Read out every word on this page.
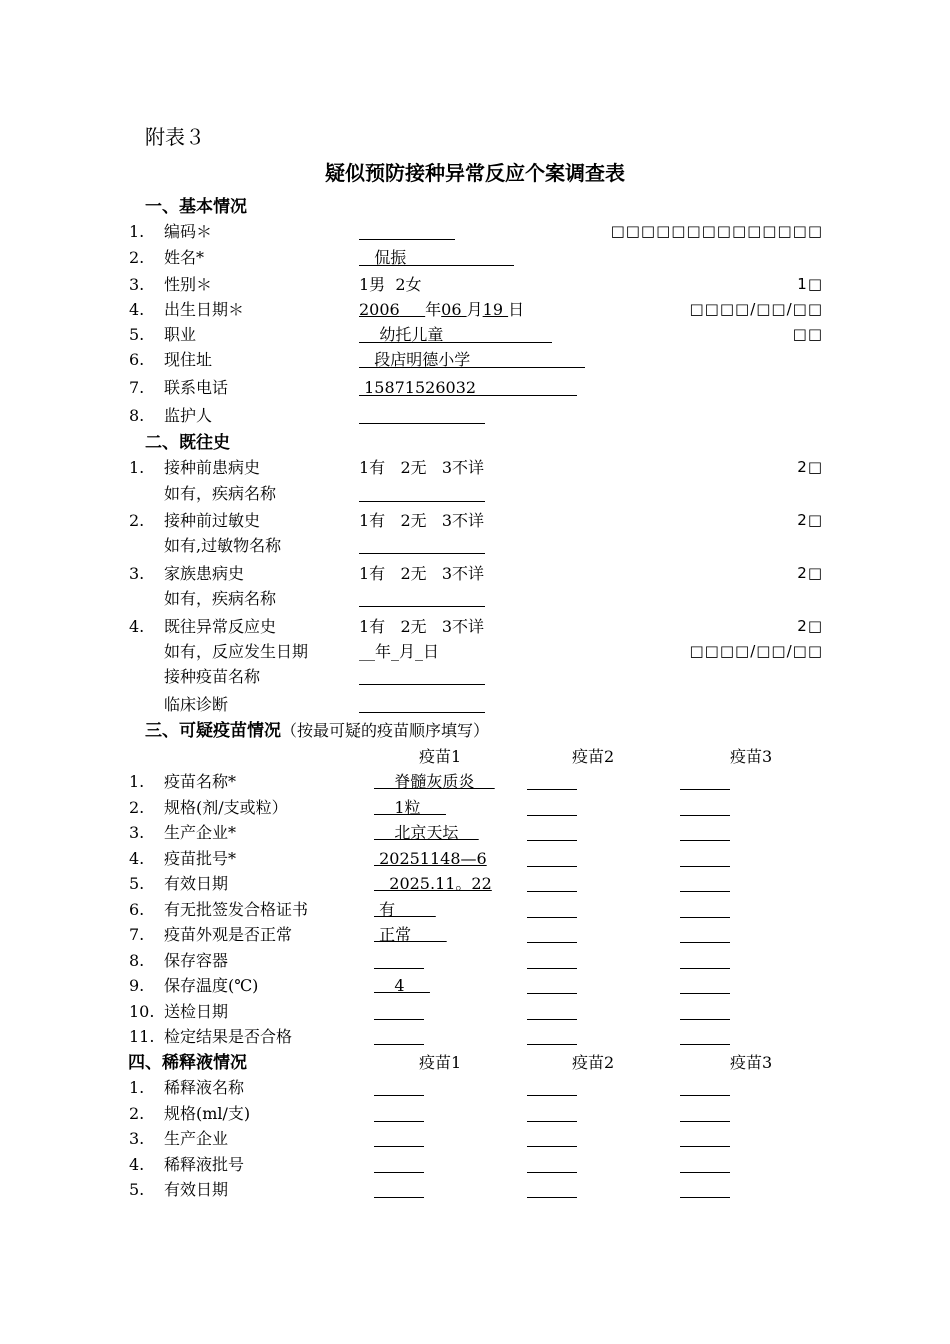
附表３
疑似预防接种异常反应个案调查表
一、基本情况
1. 编码＊	□□□□□□□□□□□□□□
2. 姓名*	侃振
3. 性别＊	1男  2女	1□
4. 出生日期＊	2006 年06 月19 日	□□□□/□□/□□
5. 职业	幼托儿童	□□
6. 现住址	段店明德小学
7. 联系电话	15871526032
8. 监护人
二、既往史
1. 接种前患病史	1有   2无   3不详	2□
如有，疾病名称
2. 接种前过敏史	1有   2无   3不详	2□
如有,过敏物名称
3. 家族患病史	1有   2无   3不详	2□
如有，疾病名称
4. 既往异常反应史	1有   2无   3不详	2□
如有，反应发生日期	__年_月_日	□□□□/□□/□□
接种疫苗名称
临床诊断
三、可疑疫苗情况（按最可疑的疫苗顺序填写）
疫苗1	疫苗2	疫苗3
1. 疫苗名称*	脊髓灰质炎
2. 规格(剂/支或粒）	1粒
3. 生产企业*	北京天坛
4. 疫苗批号*	20251148—6
5. 有效日期	2025.11。22
6. 有无批签发合格证书	有
7. 疫苗外观是否正常	正常
8. 保存容器
9. 保存温度(℃)	4
10. 送检日期
11. 检定结果是否合格
四、稀释液情况	疫苗1	疫苗2	疫苗3
1. 稀释液名称
2. 规格(ml/支)
3. 生产企业
4. 稀释液批号
5. 有效日期
